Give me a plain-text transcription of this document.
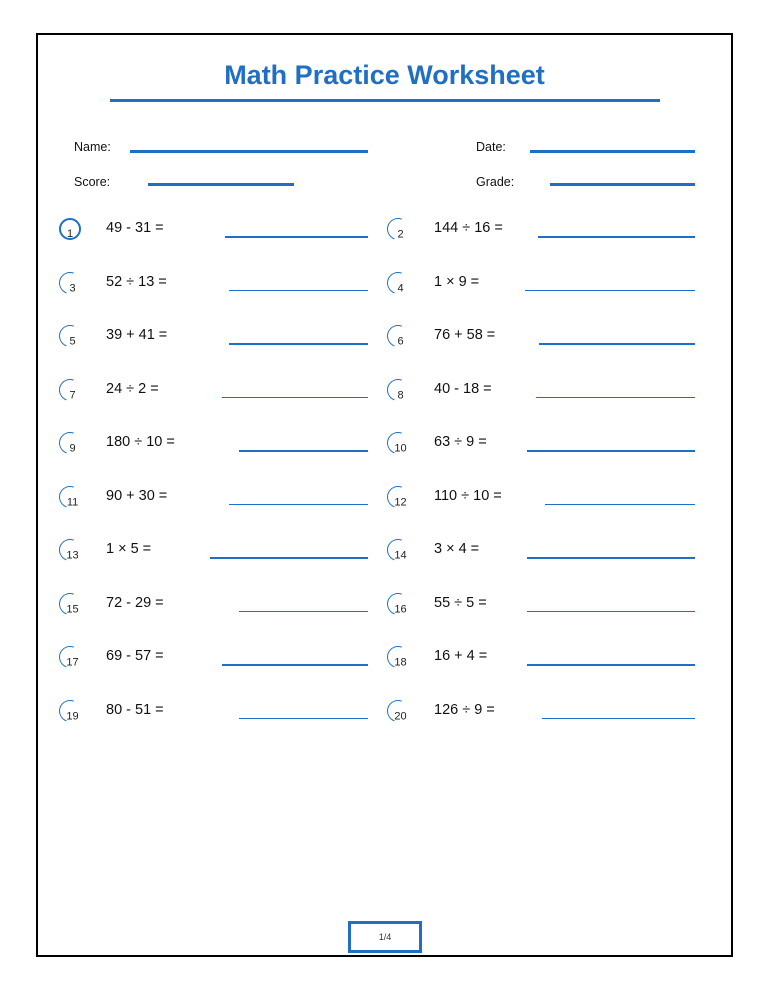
Math Practice Worksheet
Name:	Date:
Score:	Grade:
1	49 - 31 =	2	144 ÷ 16 =
3	52 ÷ 13 =	4	1 × 9 =
5	39 + 41 =	6	76 + 58 =
7	24 ÷ 2 =	8	40 - 18 =
9	180 ÷ 10 =	10 63 ÷ 9 =
11 90 + 30 =	12 110 ÷ 10 =
13 1 × 5 =	14 3 × 4 =
15 72 - 29 =	16 55 ÷ 5 =
17 69 - 57 =	18 16 + 4 =
19 80 - 51 =	20 126 ÷ 9 =
1/4
